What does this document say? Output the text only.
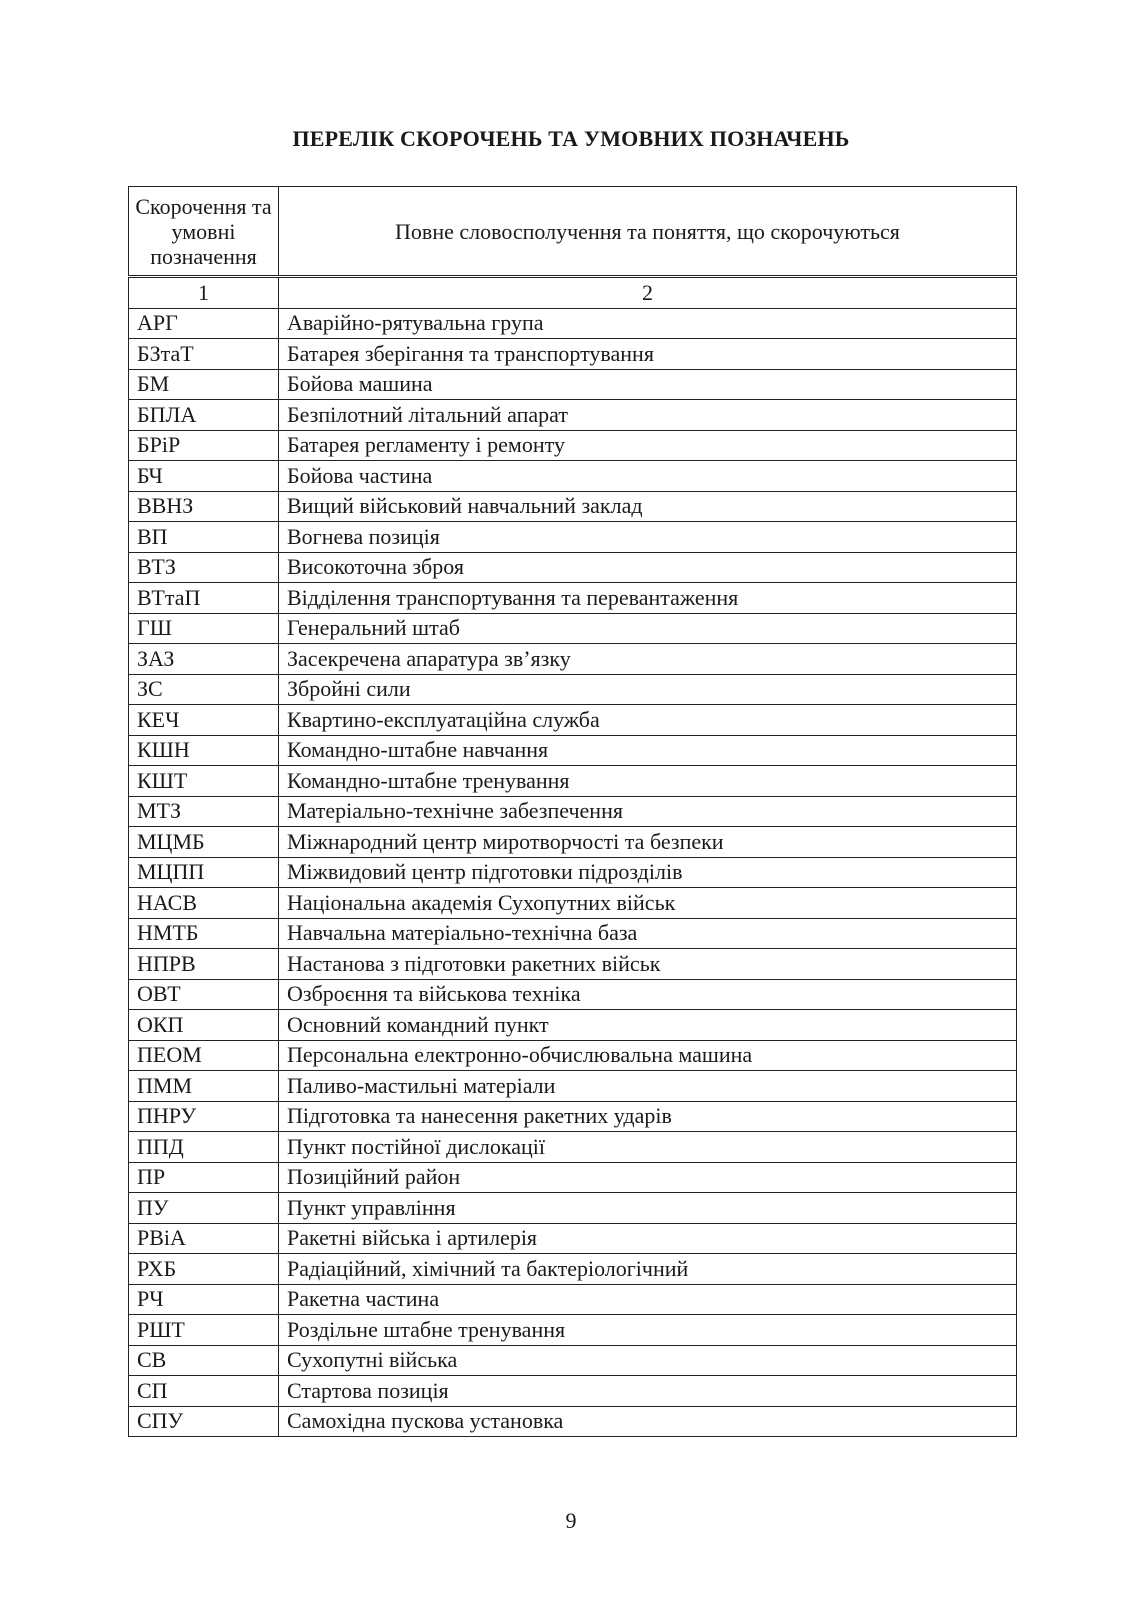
ПЕРЕЛІК СКОРОЧЕНЬ ТА УМОВНИХ ПОЗНАЧЕНЬ
Скорочення та умовні позначення	Повне словосполучення та поняття, що скорочуються
1	2
АРГ	Аварійно-рятувальна група
БЗтаТ	Батарея зберігання та транспортування
БМ	Бойова машина
БПЛА	Безпілотний літальний апарат
БРіР	Батарея регламенту і ремонту
БЧ	Бойова частина
ВВНЗ	Вищий військовий навчальний заклад
ВП	Вогнева позиція
ВТЗ	Високоточна зброя
ВТтаП	Відділення транспортування та перевантаження
ГШ	Генеральний штаб
ЗАЗ	Засекречена апаратура зв’язку
ЗС	Збройні сили
КЕЧ	Квартино-експлуатаційна служба
КШН	Командно-штабне навчання
КШТ	Командно-штабне тренування
МТЗ	Матеріально-технічне забезпечення
МЦМБ	Міжнародний центр миротворчості та безпеки
МЦПП	Міжвидовий центр підготовки підрозділів
НАСВ	Національна академія Сухопутних військ
НМТБ	Навчальна матеріально-технічна база
НПРВ	Настанова з підготовки ракетних військ
ОВТ	Озброєння та військова техніка
ОКП	Основний командний пункт
ПЕОМ	Персональна електронно-обчислювальна машина
ПММ	Паливо-мастильні матеріали
ПНРУ	Підготовка та нанесення ракетних ударів
ППД	Пункт постійної дислокації
ПР	Позиційний район
ПУ	Пункт управління
РВіА	Ракетні війська і артилерія
РХБ	Радіаційний, хімічний та бактеріологічний
РЧ	Ракетна частина
РШТ	Роздільне штабне тренування
СВ	Сухопутні війська
СП	Стартова позиція
СПУ	Самохідна пускова установка
9
